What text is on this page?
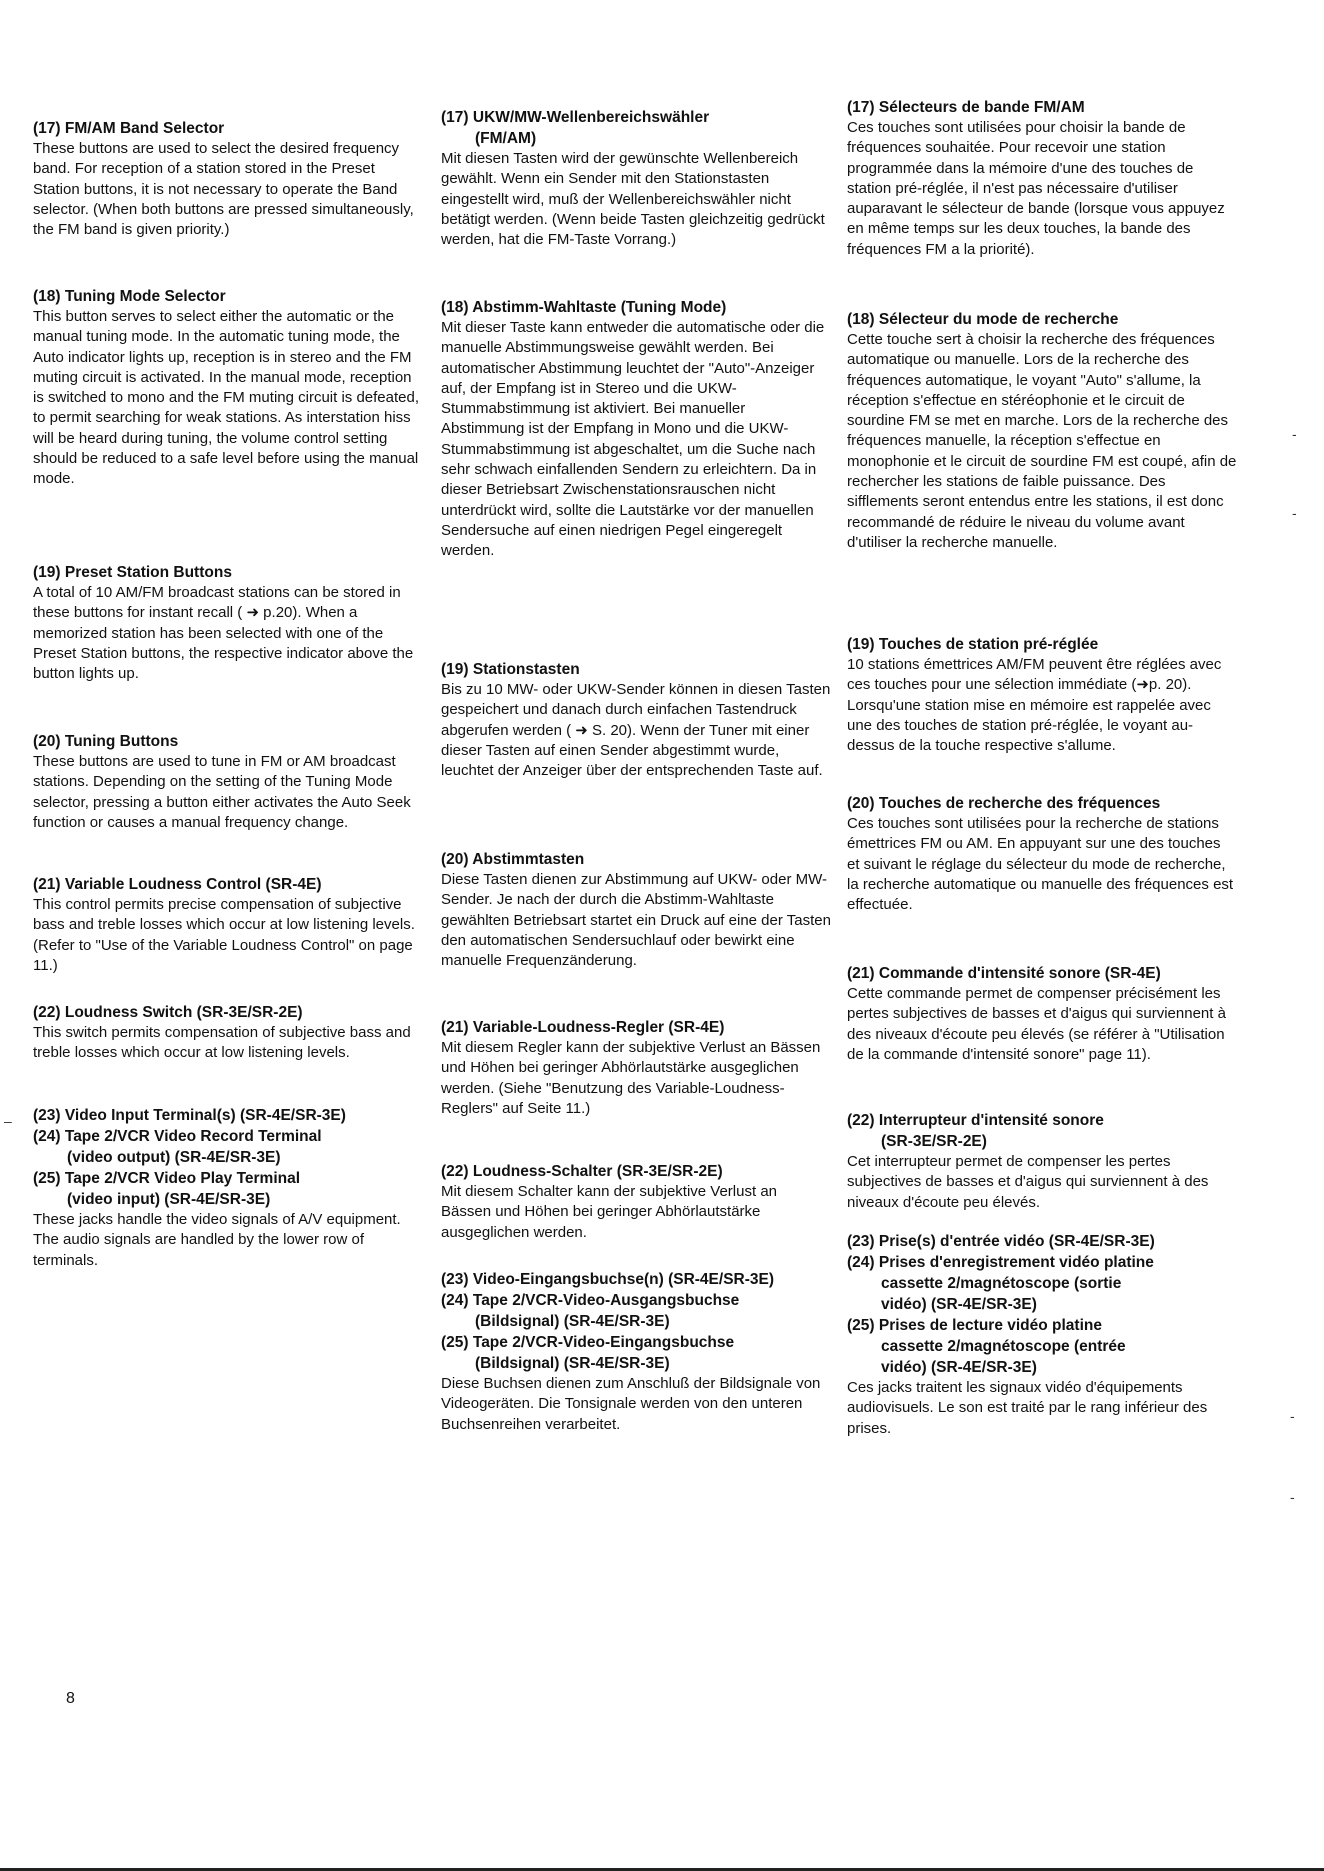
(17) FM/AM Band Selector

These buttons are used to select the desired frequency band. For reception of a station stored in the Preset Station buttons, it is not necessary to operate the Band selector. (When both buttons are pressed simultaneously, the FM band is given priority.)

(18) Tuning Mode Selector

This button serves to select either the automatic or the manual tuning mode. In the automatic tuning mode, the Auto indicator lights up, reception is in stereo and the FM muting circuit is activated. In the manual mode, reception is switched to mono and the FM muting circuit is defeated, to permit searching for weak stations. As interstation hiss will be heard during tuning, the volume control setting should be reduced to a safe level before using the manual mode.

(19) Preset Station Buttons

A total of 10 AM/FM broadcast stations can be stored in these buttons for instant recall ( ➜ p.20). When a memorized station has been selected with one of the Preset Station buttons, the respective indicator above the button lights up.

(20) Tuning Buttons

These buttons are used to tune in FM or AM broadcast stations. Depending on the setting of the Tuning Mode selector, pressing a button either activates the Auto Seek function or causes a manual frequency change.

(21) Variable Loudness Control (SR-4E)

This control permits precise compensation of subjective bass and treble losses which occur at low listening levels. (Refer to "Use of the Variable Loudness Control" on page 11.)

(22) Loudness Switch (SR-3E/SR-2E)

This switch permits compensation of subjective bass and treble losses which occur at low listening levels.

(23) Video Input Terminal(s) (SR-4E/SR-3E)
(24) Tape 2/VCR Video Record Terminal
(video output) (SR-4E/SR-3E)
(25) Tape 2/VCR Video Play Terminal
(video input) (SR-4E/SR-3E)

These jacks handle the video signals of A/V equipment. The audio signals are handled by the lower row of terminals.

(17) UKW/MW-Wellenbereichswähler
(FM/AM)

Mit diesen Tasten wird der gewünschte Wellenbereich gewählt. Wenn ein Sender mit den Stationstasten eingestellt wird, muß der Wellenbereichswähler nicht betätigt werden. (Wenn beide Tasten gleichzeitig gedrückt werden, hat die FM-Taste Vorrang.)

(18) Abstimm-Wahltaste (Tuning Mode)

Mit dieser Taste kann entweder die automatische oder die manuelle Abstimmungsweise gewählt werden. Bei automatischer Abstimmung leuchtet der "Auto"-Anzeiger auf, der Empfang ist in Stereo und die UKW-Stummabstimmung ist aktiviert. Bei manueller Abstimmung ist der Empfang in Mono und die UKW-Stummabstimmung ist abgeschaltet, um die Suche nach sehr schwach einfallenden Sendern zu erleichtern. Da in dieser Betriebsart Zwischenstationsrauschen nicht unterdrückt wird, sollte die Lautstärke vor der manuellen Sendersuche auf einen niedrigen Pegel eingeregelt werden.

(19) Stationstasten

Bis zu 10 MW- oder UKW-Sender können in diesen Tasten gespeichert und danach durch einfachen Tastendruck abgerufen werden ( ➜ S. 20). Wenn der Tuner mit einer dieser Tasten auf einen Sender abgestimmt wurde, leuchtet der Anzeiger über der entsprechenden Taste auf.

(20) Abstimmtasten

Diese Tasten dienen zur Abstimmung auf UKW- oder MW-Sender. Je nach der durch die Abstimm-Wahltaste gewählten Betriebsart startet ein Druck auf eine der Tasten den automatischen Sendersuchlauf oder bewirkt eine manuelle Frequenzänderung.

(21) Variable-Loudness-Regler (SR-4E)

Mit diesem Regler kann der subjektive Verlust an Bässen und Höhen bei geringer Abhörlautstärke ausgeglichen werden. (Siehe "Benutzung des Variable-Loudness-Reglers" auf Seite 11.)

(22) Loudness-Schalter (SR-3E/SR-2E)

Mit diesem Schalter kann der subjektive Verlust an Bässen und Höhen bei geringer Abhörlautstärke ausgeglichen werden.

(23) Video-Eingangsbuchse(n) (SR-4E/SR-3E)
(24) Tape 2/VCR-Video-Ausgangsbuchse
(Bildsignal) (SR-4E/SR-3E)
(25) Tape 2/VCR-Video-Eingangsbuchse
(Bildsignal) (SR-4E/SR-3E)

Diese Buchsen dienen zum Anschluß der Bildsignale von Videogeräten. Die Tonsignale werden von den unteren Buchsenreihen verarbeitet.

(17) Sélecteurs de bande FM/AM

Ces touches sont utilisées pour choisir la bande de fréquences souhaitée. Pour recevoir une station programmée dans la mémoire d'une des touches de station pré-réglée, il n'est pas nécessaire d'utiliser auparavant le sélecteur de bande (lorsque vous appuyez en même temps sur les deux touches, la bande des fréquences FM a la priorité).

(18) Sélecteur du mode de recherche

Cette touche sert à choisir la recherche des fréquences automatique ou manuelle. Lors de la recherche des fréquences automatique, le voyant "Auto" s'allume, la réception s'effectue en stéréophonie et le circuit de sourdine FM se met en marche. Lors de la recherche des fréquences manuelle, la réception s'effectue en monophonie et le circuit de sourdine FM est coupé, afin de rechercher les stations de faible puissance. Des sifflements seront entendus entre les stations, il est donc recommandé de réduire le niveau du volume avant d'utiliser la recherche manuelle.

(19) Touches de station pré-réglée

10 stations émettrices AM/FM peuvent être réglées avec ces touches pour une sélection immédiate (➜p. 20). Lorsqu'une station mise en mémoire est rappelée avec une des touches de station pré-réglée, le voyant au-dessus de la touche respective s'allume.

(20) Touches de recherche des fréquences

Ces touches sont utilisées pour la recherche de stations émettrices FM ou AM. En appuyant sur une des touches et suivant le réglage du sélecteur du mode de recherche, la recherche automatique ou manuelle des fréquences est effectuée.

(21) Commande d'intensité sonore (SR-4E)

Cette commande permet de compenser précisément les pertes subjectives de basses et d'aigus qui surviennent à des niveaux d'écoute peu élevés (se référer à "Utilisation de la commande d'intensité sonore" page 11).

(22) Interrupteur d'intensité sonore
(SR-3E/SR-2E)

Cet interrupteur permet de compenser les pertes subjectives de basses et d'aigus qui surviennent à des niveaux d'écoute peu élevés.

(23) Prise(s) d'entrée vidéo (SR-4E/SR-3E)
(24) Prises d'enregistrement vidéo platine
cassette 2/magnétoscope (sortie
vidéo) (SR-4E/SR-3E)
(25) Prises de lecture vidéo platine
cassette 2/magnétoscope (entrée
vidéo) (SR-4E/SR-3E)

Ces jacks traitent les signaux vidéo d'équipements audiovisuels. Le son est traité par le rang inférieur des prises.

8
–
-
-
-
-
